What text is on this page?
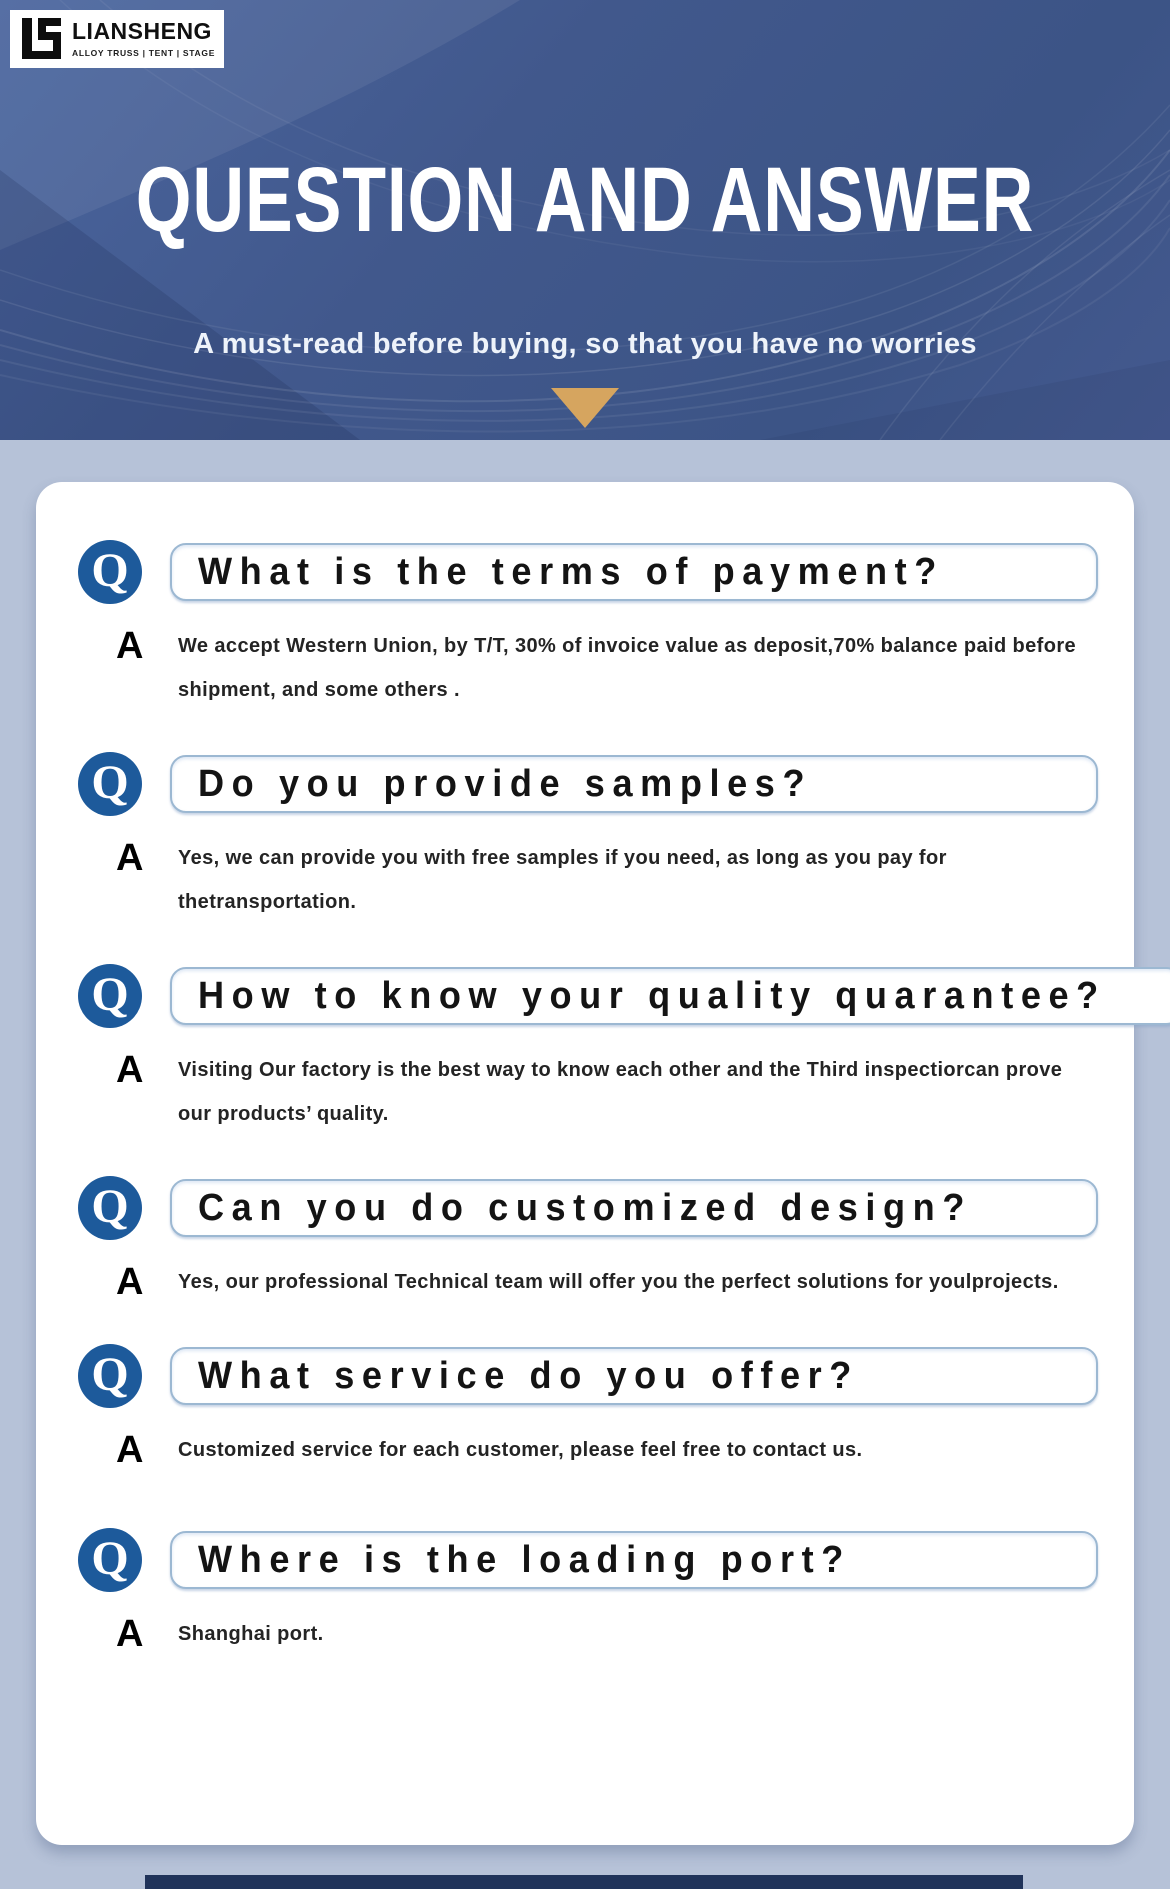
LIANSHENG
ALLOY TRUSS | TENT | STAGE
QUESTION AND ANSWER
A must-read before buying, so that you have no worries
Q What is the terms of payment?
A	We accept Western Union, by T/T, 30% of invoice value as deposit,70% balance paid before shipment, and some others .

Q Do you provide samples?
A	Yes, we can provide you with free samples if you need, as long as you pay for thetransportation.

Q How to know your quality quarantee?
A	Visiting Our factory is the best way to know each other and the Third inspectiorcan prove our products’ quality.

Q Can you do customized design?
A	Yes, our professional Technical team will offer you the perfect solutions for youlprojects.

Q What service do you offer?
A	Customized service for each customer, please feel free to contact us.

Q Where is the loading port?
A	Shanghai port.
